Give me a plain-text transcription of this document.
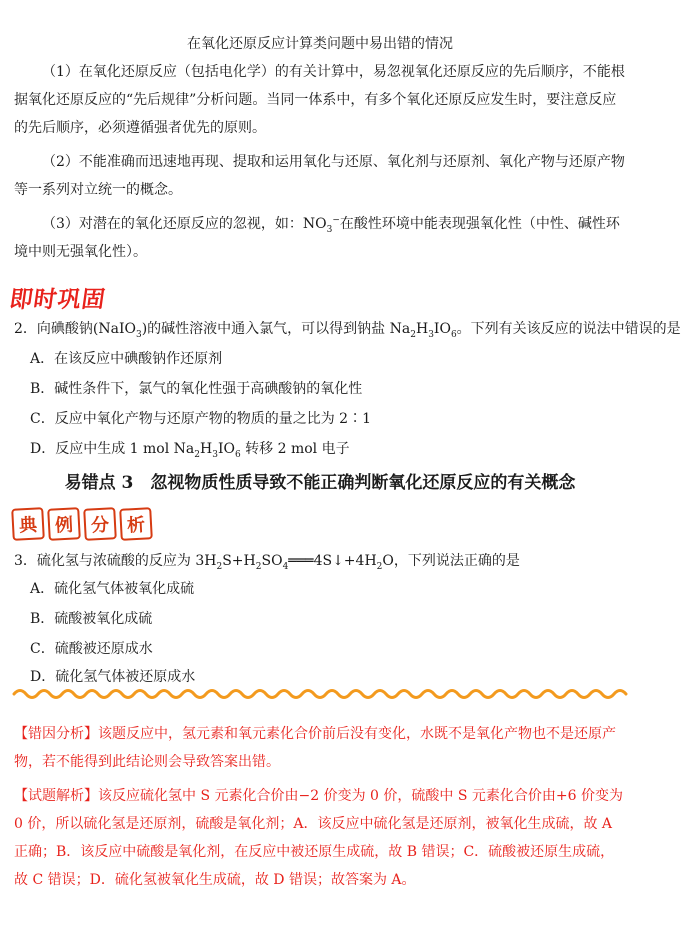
在氧化还原反应计算类问题中易出错的情况

（1）在氧化还原反应（包括电化学）的有关计算中，易忽视氧化还原反应的先后顺序，不能根据氧化还原反应的“先后规律”分析问题。当同一体系中，有多个氧化还原反应发生时，要注意反应的先后顺序，必须遵循强者优先的原则。

（2）不能准确而迅速地再现、提取和运用氧化与还原、氧化剂与还原剂、氧化产物与还原产物等一系列对立统一的概念。

（3）对潜在的氧化还原反应的忽视，如：$NO_3^-$在酸性环境中能表现强氧化性（中性、碱性环境中则无强氧化性）。

即时巩固

2．向碘酸钠(NaIO$_3$)的碱性溶液中通入氯气，可以得到钠盐 $Na_2H_3IO_6$。下列有关该反应的说法中错误的是

A．在该反应中碘酸钠作还原剂

B．碱性条件下，氯气的氧化性强于高碘酸钠的氧化性

C．反应中氧化产物与还原产物的物质的量之比为 2∶1

D．反应中生成 1 mol $Na_2H_3IO_6$ 转移 2 mol 电子

易错点 3　忽视物质性质导致不能正确判断氧化还原反应的有关概念

典 例 分 析

3．硫化氢与浓硫酸的反应为 $3H_2S+H_2SO_4═══4S↓+4H_2O$，下列说法正确的是

A．硫化氢气体被氧化成硫

B．硫酸被氧化成硫

C．硫酸被还原成水

D．硫化氢气体被还原成水

【错因分析】该题反应中，氢元素和氧元素化合价前后没有变化，水既不是氧化产物也不是还原产物，若不能得到此结论则会导致答案出错。

【试题解析】该反应硫化氢中 S 元素化合价由−2 价变为 0 价，硫酸中 S 元素化合价由+6 价变为 0 价，所以硫化氢是还原剂，硫酸是氧化剂；A．该反应中硫化氢是还原剂，被氧化生成硫，故 A 正确；B．该反应中硫酸是氧化剂，在反应中被还原生成硫，故 B 错误；C．硫酸被还原生成硫，故 C 错误；D．硫化氢被氧化生成硫，故 D 错误；故答案为 A。
